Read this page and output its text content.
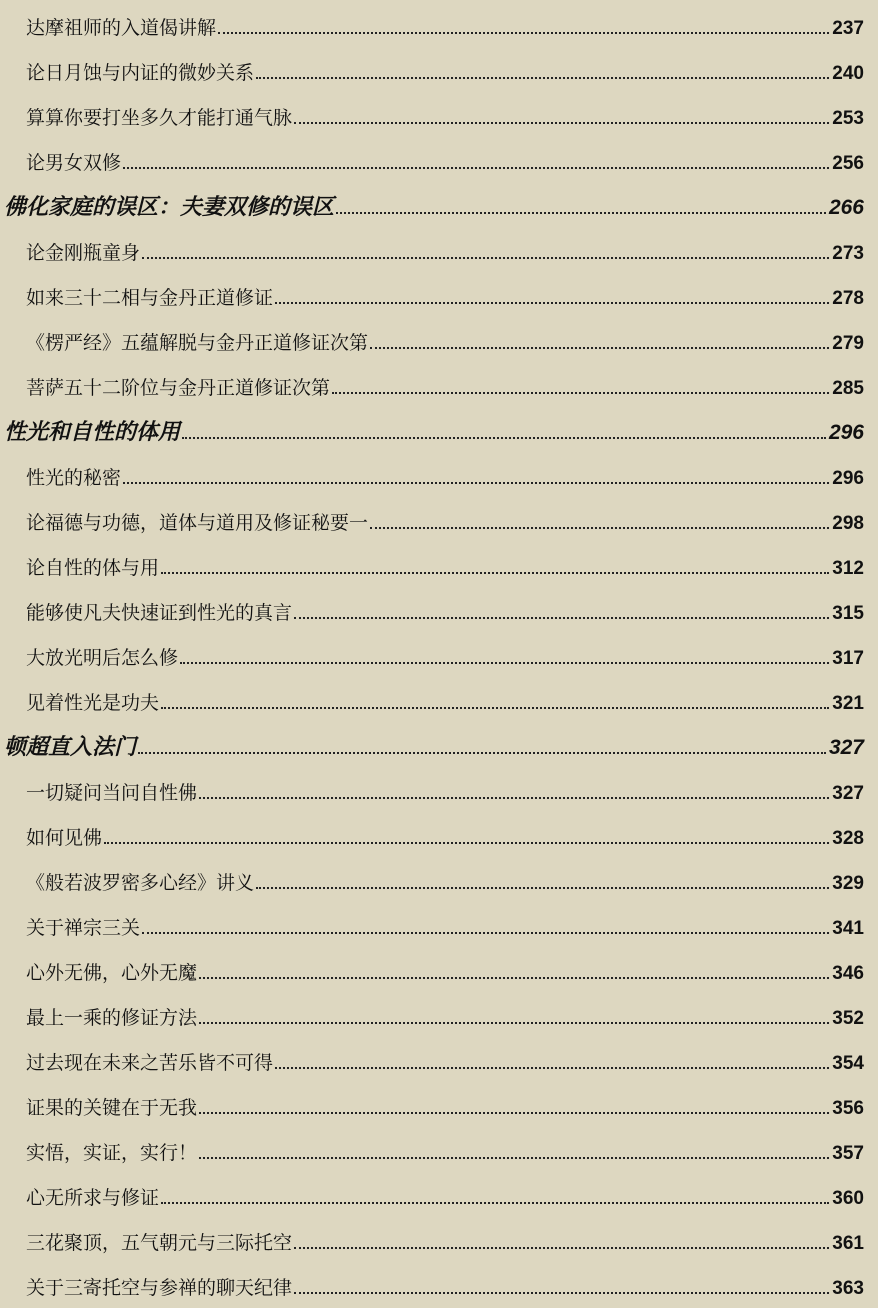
达摩祖师的入道偈讲解	237
论日月蚀与内证的微妙关系	240
算算你要打坐多久才能打通气脉	253
论男女双修	256
佛化家庭的误区：夫妻双修的误区	266
论金刚瓶童身	273
如来三十二相与金丹正道修证	278
《楞严经》五蕴解脱与金丹正道修证次第	279
菩萨五十二阶位与金丹正道修证次第	285
性光和自性的体用	296
性光的秘密	296
论福德与功德，道体与道用及修证秘要一	298
论自性的体与用	312
能够使凡夫快速证到性光的真言	315
大放光明后怎么修	317
见着性光是功夫	321
顿超直入法门	327
一切疑问当问自性佛	327
如何见佛	328
《般若波罗密多心经》讲义	329
关于禅宗三关	341
心外无佛，心外无魔	346
最上一乘的修证方法	352
过去现在未来之苦乐皆不可得	354
证果的关键在于无我	356
实悟，实证，实行！	357
心无所求与修证	360
三花聚顶，五气朝元与三际托空	361
关于三寄托空与参禅的聊天纪律	363
